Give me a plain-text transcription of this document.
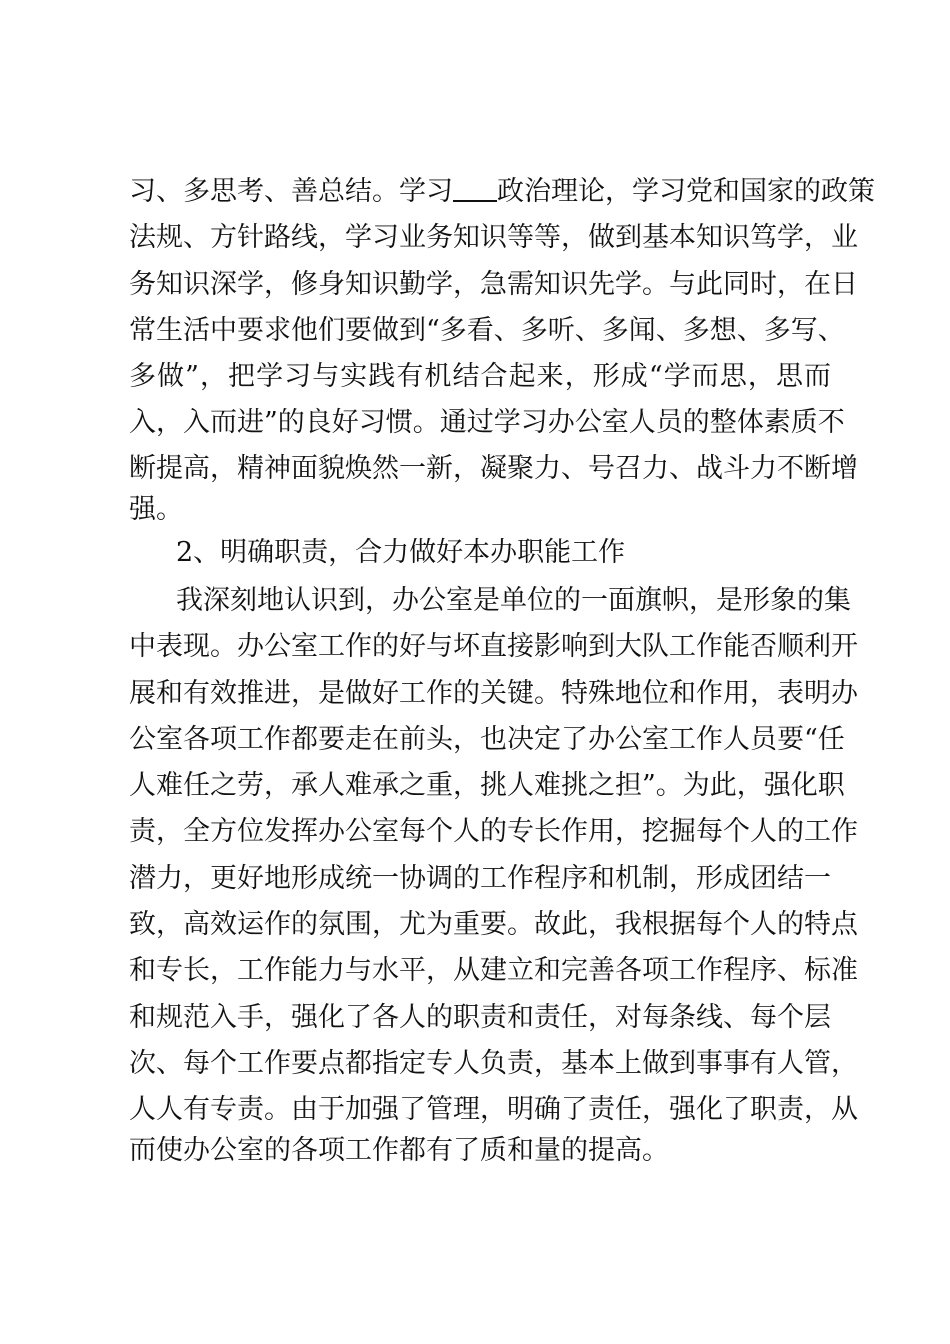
习、多思考、善总结。学习 政治理论，学习党和国家的政策
法规、方针路线，学习业务知识等等，做到基本知识笃学，业
务知识深学，修身知识勤学，急需知识先学。与此同时，在日
常生活中要求他们要做到“多看、多听、多闻、多想、多写、
多做”，把学习与实践有机结合起来，形成“学而思，思而
入，入而进”的良好习惯。通过学习办公室人员的整体素质不
断提高，精神面貌焕然一新，凝聚力、号召力、战斗力不断增
强。
2、明确职责，合力做好本办职能工作
我深刻地认识到，办公室是单位的一面旗帜，是形象的集
中表现。办公室工作的好与坏直接影响到大队工作能否顺利开
展和有效推进，是做好工作的关键。特殊地位和作用，表明办
公室各项工作都要走在前头，也决定了办公室工作人员要“任
人难任之劳，承人难承之重，挑人难挑之担”。为此，强化职
责，全方位发挥办公室每个人的专长作用，挖掘每个人的工作
潜力，更好地形成统一协调的工作程序和机制，形成团结一
致，高效运作的氛围，尤为重要。故此，我根据每个人的特点
和专长，工作能力与水平，从建立和完善各项工作程序、标准
和规范入手，强化了各人的职责和责任，对每条线、每个层
次、每个工作要点都指定专人负责，基本上做到事事有人管，
人人有专责。由于加强了管理，明确了责任，强化了职责，从
而使办公室的各项工作都有了质和量的提高。
